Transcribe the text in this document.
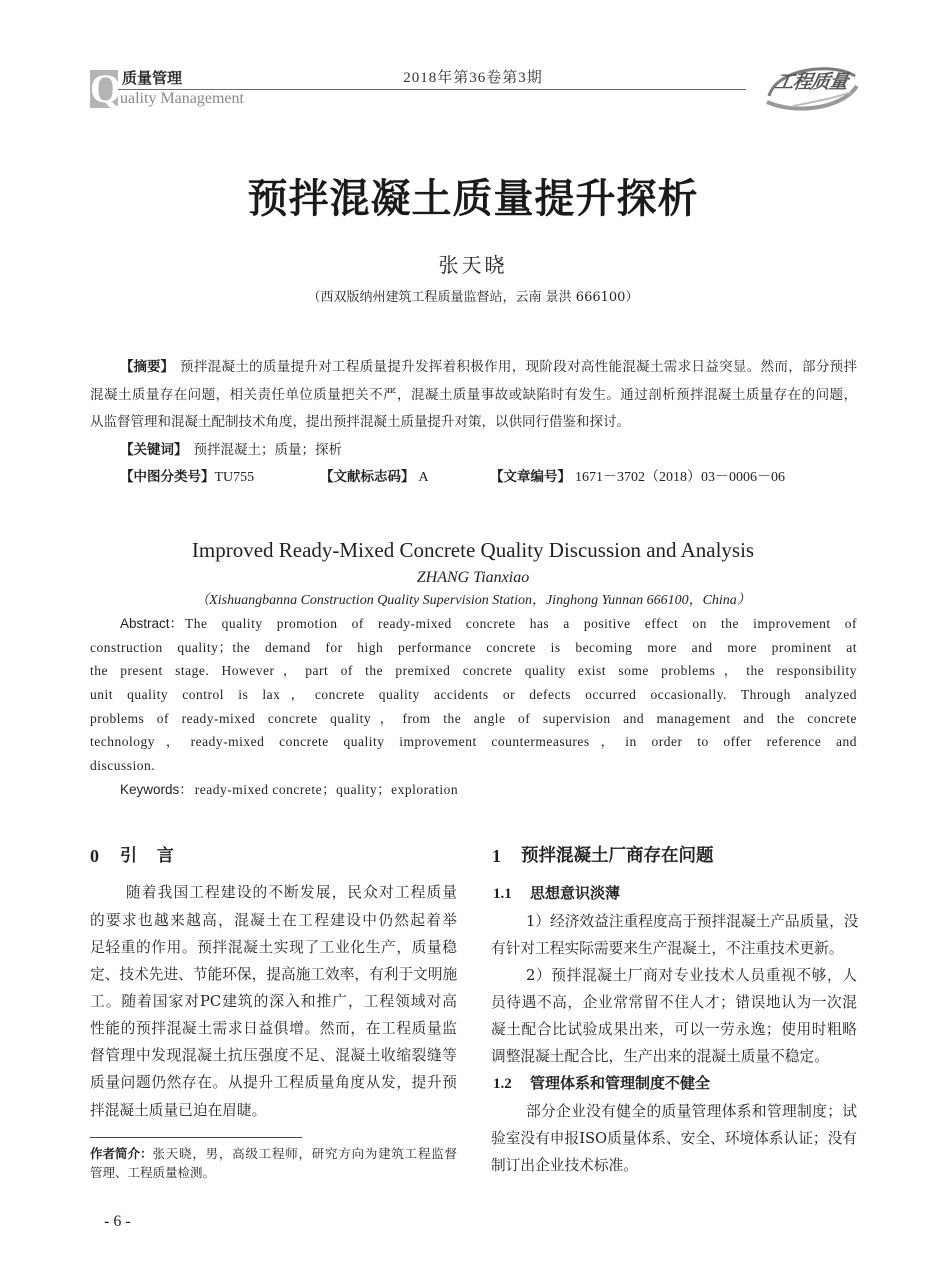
Q 质量管理
uality Management
2018年第36卷第3期	工程质量
预拌混凝土质量提升探析
张天晓
（西双版纳州建筑工程质量监督站，云南 景洪 666100）
【摘要】 预拌混凝土的质量提升对工程质量提升发挥着积极作用，现阶段对高性能混凝土需求日益突显。然而，部分预拌
混凝土质量存在问题，相关责任单位质量把关不严，混凝土质量事故或缺陷时有发生。通过剖析预拌混凝土质量存在的问题，
从监督管理和混凝土配制技术角度，提出预拌混凝土质量提升对策，以供同行借鉴和探讨。
【关键词】 预拌混凝土；质量；探析
【中图分类号】TU755	【文献标志码】 A	【文章编号】 1671－3702（2018）03－0006－06
Improved Ready-Mixed Concrete Quality Discussion and Analysis
ZHANG Tianxiao
（Xishuangbanna Construction Quality Supervision Station，Jinghong Yunnan 666100，China）
Abstract： The quality promotion of ready-mixed concrete has a positive effect on the improvement of
construction quality；the demand for high performance concrete is becoming more and more prominent at
the present stage. However，part of the premixed concrete quality exist some problems，the responsibility
unit quality control is lax，concrete quality accidents or defects occurred occasionally. Through analyzed
problems of ready-mixed concrete quality，from the angle of supervision and management and the concrete
technology，ready-mixed concrete quality improvement countermeasures，in order to offer reference and
discussion.
Keywords： ready-mixed concrete；quality；exploration
0 引 言
随着我国工程建设的不断发展，民众对工程质量
的要求也越来越高，混凝土在工程建设中仍然起着举
足轻重的作用。预拌混凝土实现了工业化生产，质量稳
定、技术先进、节能环保，提高施工效率，有利于文明施
工。随着国家对PC建筑的深入和推广，工程领域对高
性能的预拌混凝土需求日益俱增。然而，在工程质量监
督管理中发现混凝土抗压强度不足、混凝土收缩裂缝等
质量问题仍然存在。从提升工程质量角度从发，提升预
拌混凝土质量已迫在眉睫。
1 预拌混凝土厂商存在问题
1.1 思想意识淡薄
1）经济效益注重程度高于预拌混凝土产品质量，没
有针对工程实际需要来生产混凝土，不注重技术更新。
2）预拌混凝土厂商对专业技术人员重视不够，人
员待遇不高，企业常常留不住人才；错误地认为一次混
凝土配合比试验成果出来，可以一劳永逸；使用时粗略
调整混凝土配合比，生产出来的混凝土质量不稳定。
1.2 管理体系和管理制度不健全
部分企业没有健全的质量管理体系和管理制度；试
验室没有申报ISO质量体系、安全、环境体系认证；没有
制订出企业技术标准。
作者简介： 张天晓，男，高级工程师，研究方向为建筑工程监督
管理、工程质量检测。
- 6 -
